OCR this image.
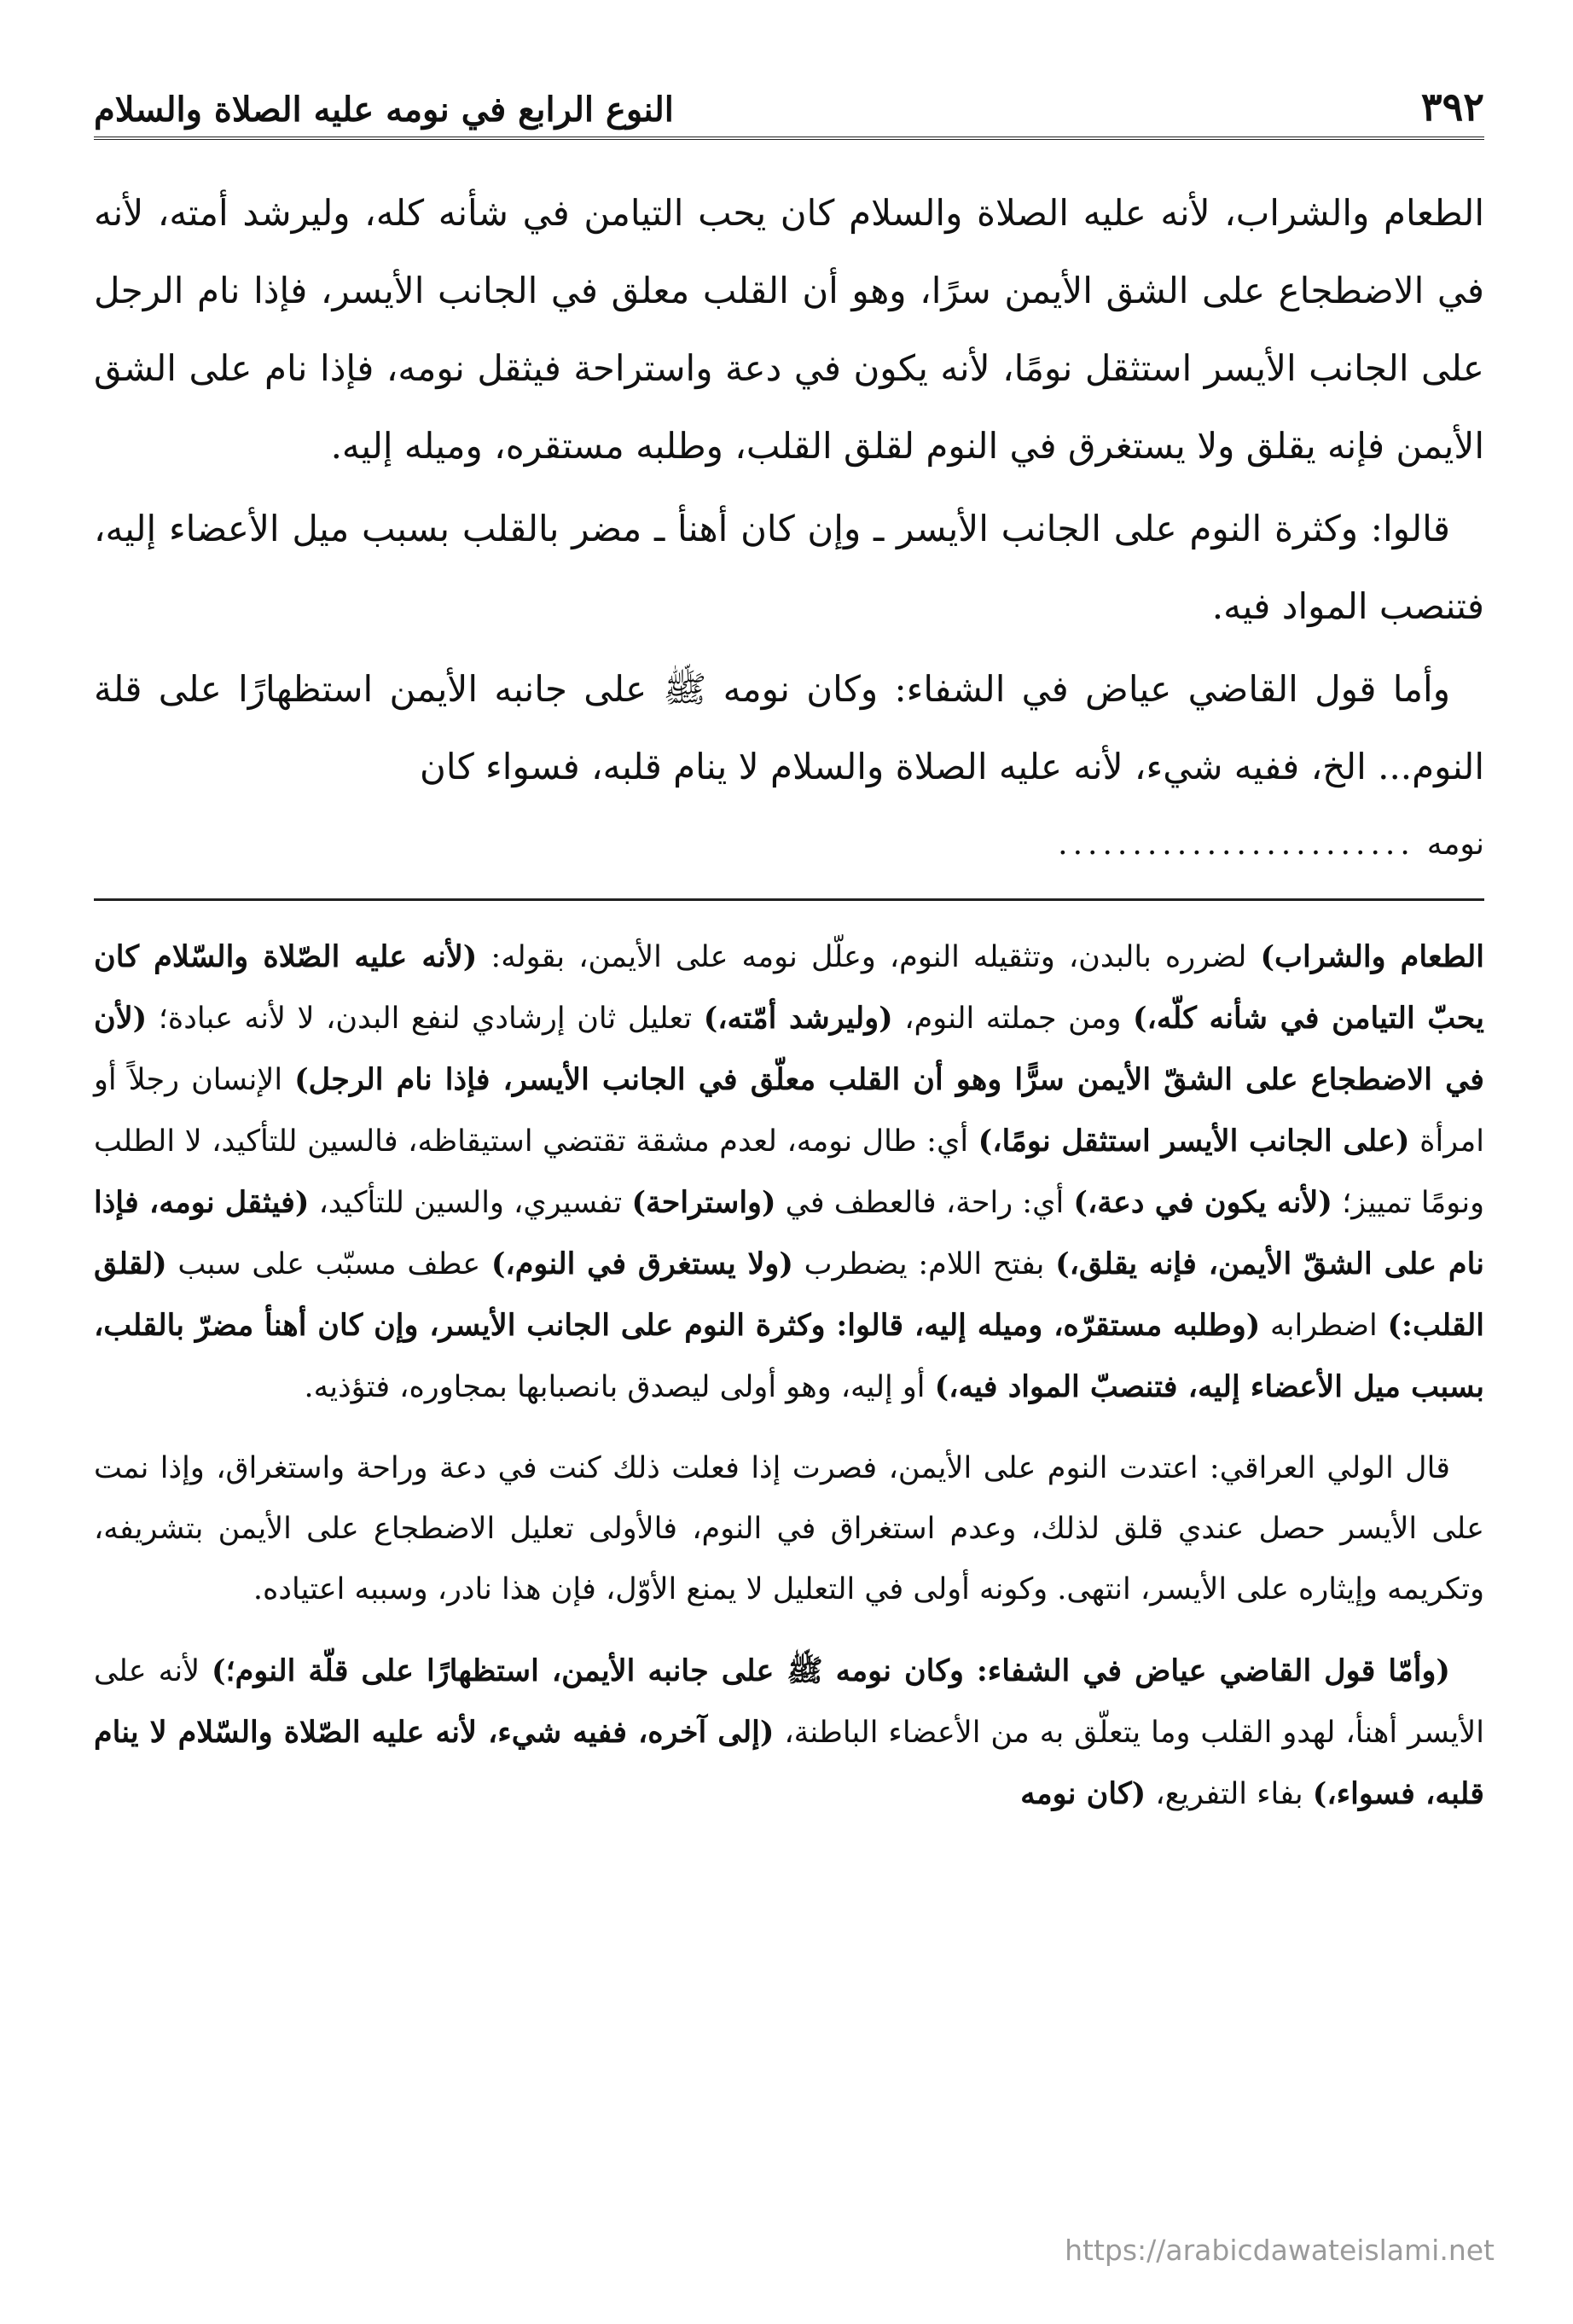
٣٩٢
النوع الرابع في نومه عليه الصلاة والسلام

الطعام والشراب، لأنه عليه الصلاة والسلام كان يحب التيامن في شأنه كله، وليرشد أمته، لأنه في الاضطجاع على الشق الأيمن سرًا، وهو أن القلب معلق في الجانب الأيسر، فإذا نام الرجل على الجانب الأيسر استثقل نومًا، لأنه يكون في دعة واستراحة فيثقل نومه، فإذا نام على الشق الأيمن فإنه يقلق ولا يستغرق في النوم لقلق القلب، وطلبه مستقره، وميله إليه.

قالوا: وكثرة النوم على الجانب الأيسر ـ وإن كان أهنأ ـ مضر بالقلب بسبب ميل الأعضاء إليه، فتنصب المواد فيه.

وأما قول القاضي عياض في الشفاء: وكان نومه ﷺ على جانبه الأيمن استظهارًا على قلة النوم... الخ، ففيه شيء، لأنه عليه الصلاة والسلام لا ينام قلبه، فسواء كان

نومه
........................

الطعام والشراب) لضرره بالبدن، وتثقيله النوم، وعلّل نومه على الأيمن، بقوله: (لأنه عليه الصّلاة والسّلام كان يحبّ التيامن في شأنه كلّه،) ومن جملته النوم، (وليرشد أمّته،) تعليل ثان إرشادي لنفع البدن، لا لأنه عبادة؛ (لأن في الاضطجاع على الشقّ الأيمن سرًّا وهو أن القلب معلّق في الجانب الأيسر، فإذا نام الرجل) الإنسان رجلاً أو امرأة (على الجانب الأيسر استثقل نومًا،) أي: طال نومه، لعدم مشقة تقتضي استيقاظه، فالسين للتأكيد، لا الطلب ونومًا تمييز؛ (لأنه يكون في دعة،) أي: راحة، فالعطف في (واستراحة) تفسيري، والسين للتأكيد، (فيثقل نومه، فإذا نام على الشقّ الأيمن، فإنه يقلق،) بفتح اللام: يضطرب (ولا يستغرق في النوم،) عطف مسبّب على سبب (لقلق القلب:) اضطرابه (وطلبه مستقرّه، وميله إليه، قالوا: وكثرة النوم على الجانب الأيسر، وإن كان أهنأ مضرّ بالقلب، بسبب ميل الأعضاء إليه، فتنصبّ المواد فيه،) أو إليه، وهو أولى ليصدق بانصبابها بمجاوره، فتؤذيه.

قال الولي العراقي: اعتدت النوم على الأيمن، فصرت إذا فعلت ذلك كنت في دعة وراحة واستغراق، وإذا نمت على الأيسر حصل عندي قلق لذلك، وعدم استغراق في النوم، فالأولى تعليل الاضطجاع على الأيمن بتشريفه، وتكريمه وإيثاره على الأيسر، انتهى. وكونه أولى في التعليل لا يمنع الأوّل، فإن هذا نادر، وسببه اعتياده.

(وأمّا قول القاضي عياض في الشفاء: وكان نومه ﷺ على جانبه الأيمن، استظهارًا على قلّة النوم؛) لأنه على الأيسر أهنأ، لهدو القلب وما يتعلّق به من الأعضاء الباطنة، (إلى آخره، ففيه شيء، لأنه عليه الصّلاة والسّلام لا ينام قلبه، فسواء،) بفاء التفريع، (كان نومه

https://arabicdawateislami.net
